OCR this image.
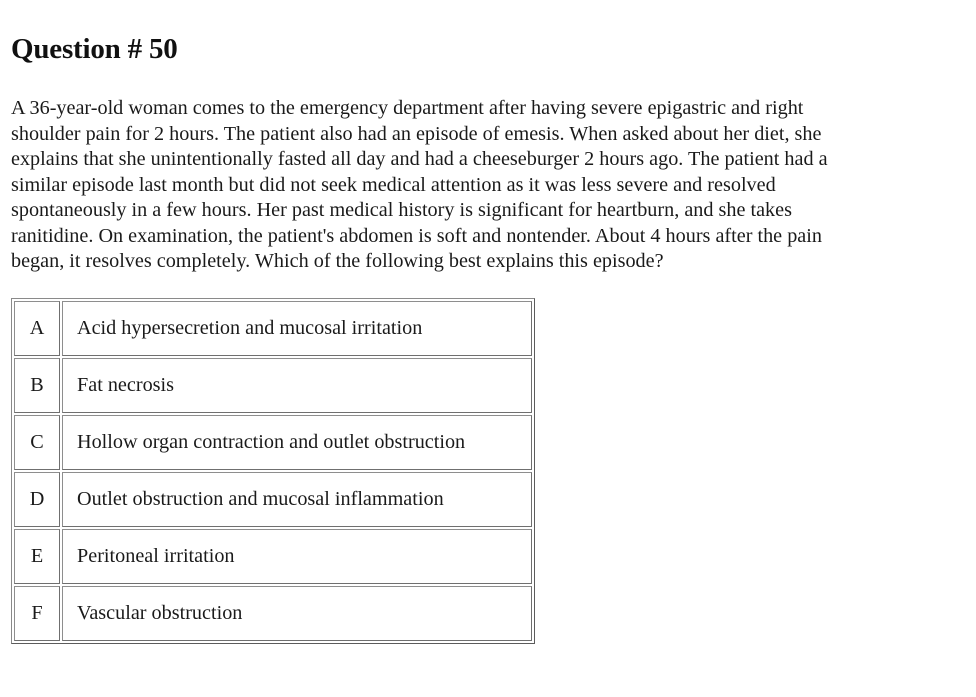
Question # 50

A 36-year-old woman comes to the emergency department after having severe epigastric and right
shoulder pain for 2 hours. The patient also had an episode of emesis. When asked about her diet, she
explains that she unintentionally fasted all day and had a cheeseburger 2 hours ago. The patient had a
similar episode last month but did not seek medical attention as it was less severe and resolved
spontaneously in a few hours. Her past medical history is significant for heartburn, and she takes
ranitidine. On examination, the patient's abdomen is soft and nontender. About 4 hours after the pain
began, it resolves completely. Which of the following best explains this episode?

A	Acid hypersecretion and mucosal irritation
B	Fat necrosis
C	Hollow organ contraction and outlet obstruction
D	Outlet obstruction and mucosal inflammation
E	Peritoneal irritation
F	Vascular obstruction
